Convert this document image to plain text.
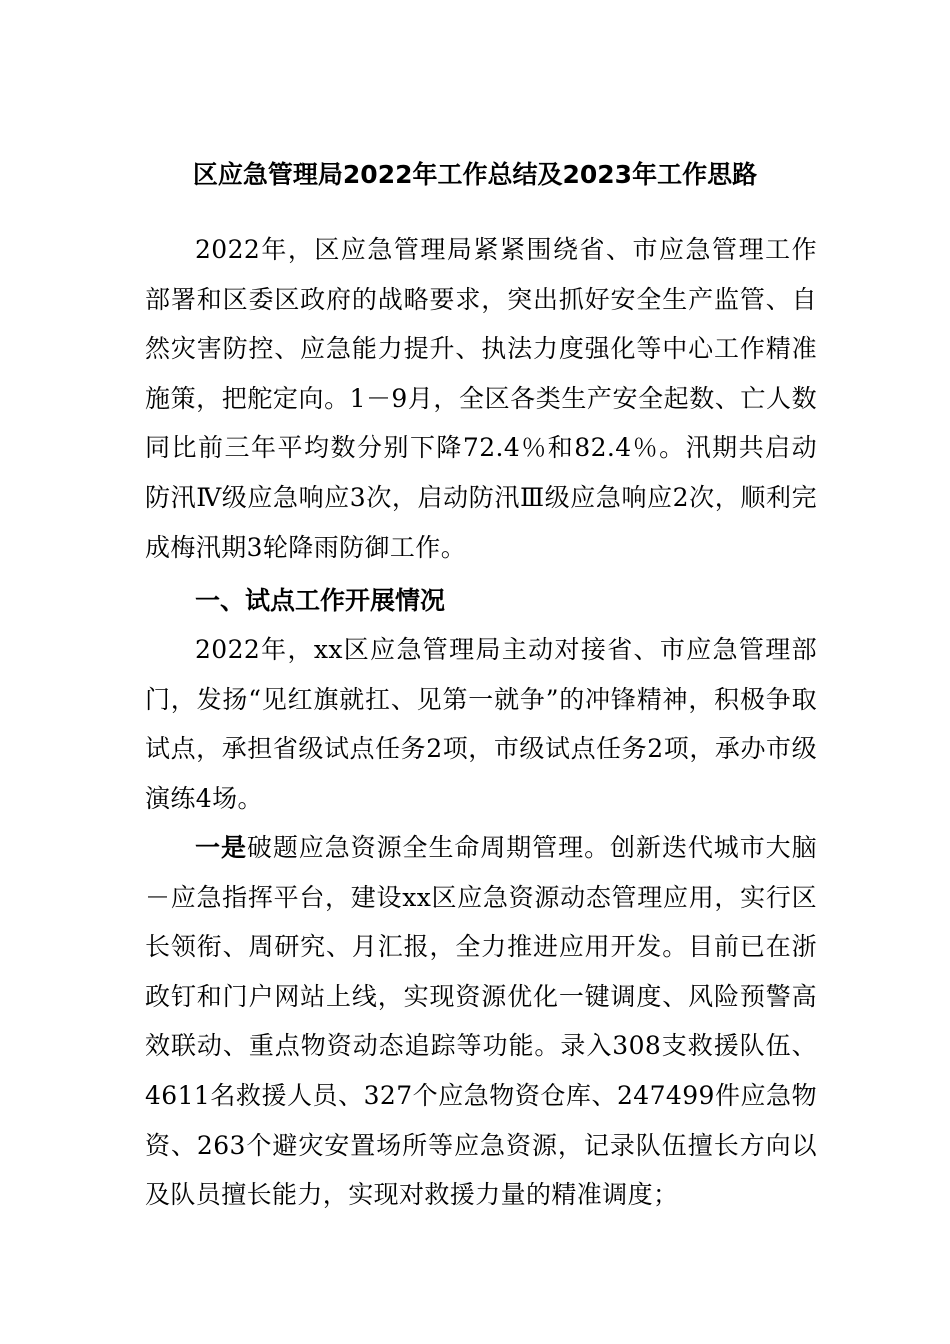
区应急管理局2022年工作总结及2023年工作思路

2022年，区应急管理局紧紧围绕省、市应急管理工作部署和区委区政府的战略要求，突出抓好安全生产监管、自然灾害防控、应急能力提升、执法力度强化等中心工作精准施策，把舵定向。1－9月，全区各类生产安全起数、亡人数同比前三年平均数分别下降72.4％和82.4％。汛期共启动防汛Ⅳ级应急响应3次，启动防汛Ⅲ级应急响应2次，顺利完成梅汛期3轮降雨防御工作。

一、试点工作开展情况

2022年，xx区应急管理局主动对接省、市应急管理部门，发扬“见红旗就扛、见第一就争”的冲锋精神，积极争取试点，承担省级试点任务2项，市级试点任务2项，承办市级演练4场。

一是破题应急资源全生命周期管理。创新迭代城市大脑－应急指挥平台，建设xx区应急资源动态管理应用，实行区长领衔、周研究、月汇报，全力推进应用开发。目前已在浙政钉和门户网站上线，实现资源优化一键调度、风险预警高效联动、重点物资动态追踪等功能。录入308支救援队伍、4611名救援人员、327个应急物资仓库、247499件应急物资、263个避灾安置场所等应急资源，记录队伍擅长方向以及队员擅长能力，实现对救援力量的精准调度；
